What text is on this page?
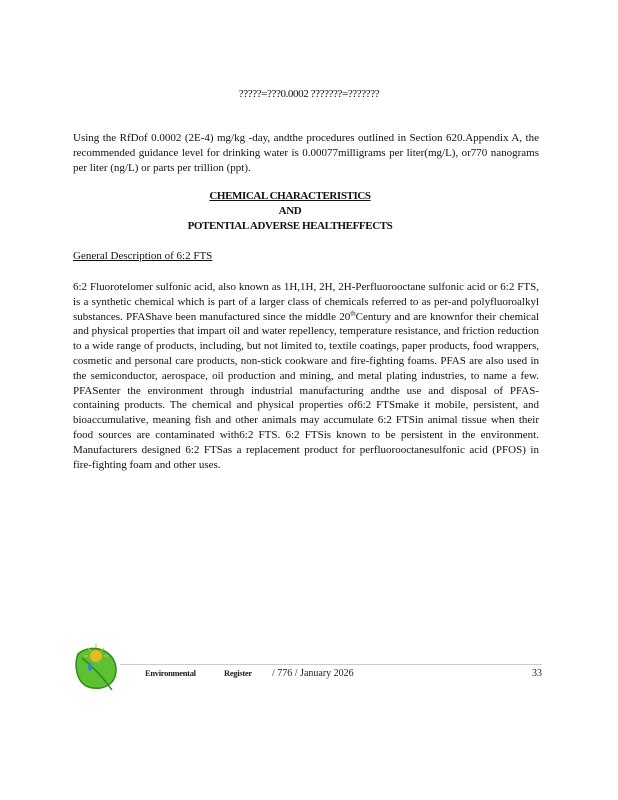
?????=???0.0002 ???????=???????

Using the RfDof 0.0002 (2E-4) mg/kg -day, andthe procedures outlined in Section 620.Appendix A, the recommended guidance level for drinking water is 0.00077milligrams per liter(mg/L), or770 nanograms per liter (ng/L) or parts per trillion (ppt).

CHEMICAL CHARACTERISTICS
AND
POTENTIAL ADVERSE HEALTHEFFECTS
General Description of 6:2 FTS

6:2 Fluorotelomer sulfonic acid, also known as 1H,1H, 2H, 2H-Perfluorooctane sulfonic acid or 6:2 FTS, is a synthetic chemical which is part of a larger class of chemicals referred to as per-and polyfluoroalkyl substances. PFAShave been manufactured since the middle 20thCentury and are knownfor their chemical and physical properties that impart oil and water repellency, temperature resistance, and friction reduction to a wide range of products, including, but not limited to, textile coatings, paper products, food wrappers, cosmetic and personal care products, non-stick cookware and fire-fighting foams. PFAS are also used in the semiconductor, aerospace, oil production and mining, and metal plating industries, to name a few. PFASenter the environment through industrial manufacturing andthe use and disposal of PFAS-containing products. The chemical and physical properties of6:2 FTSmake it mobile, persistent, and bioaccumulative, meaning fish and other animals may accumulate 6:2 FTSin animal tissue when their food sources are contaminated with6:2 FTS. 6:2 FTSis known to be persistent in the environment. Manufacturers designed 6:2 FTSas a replacement product for perfluorooctanesulfonic acid (PFOS) in fire-fighting foam and other uses.

Environmental	Register / 776 / January 2026	33
